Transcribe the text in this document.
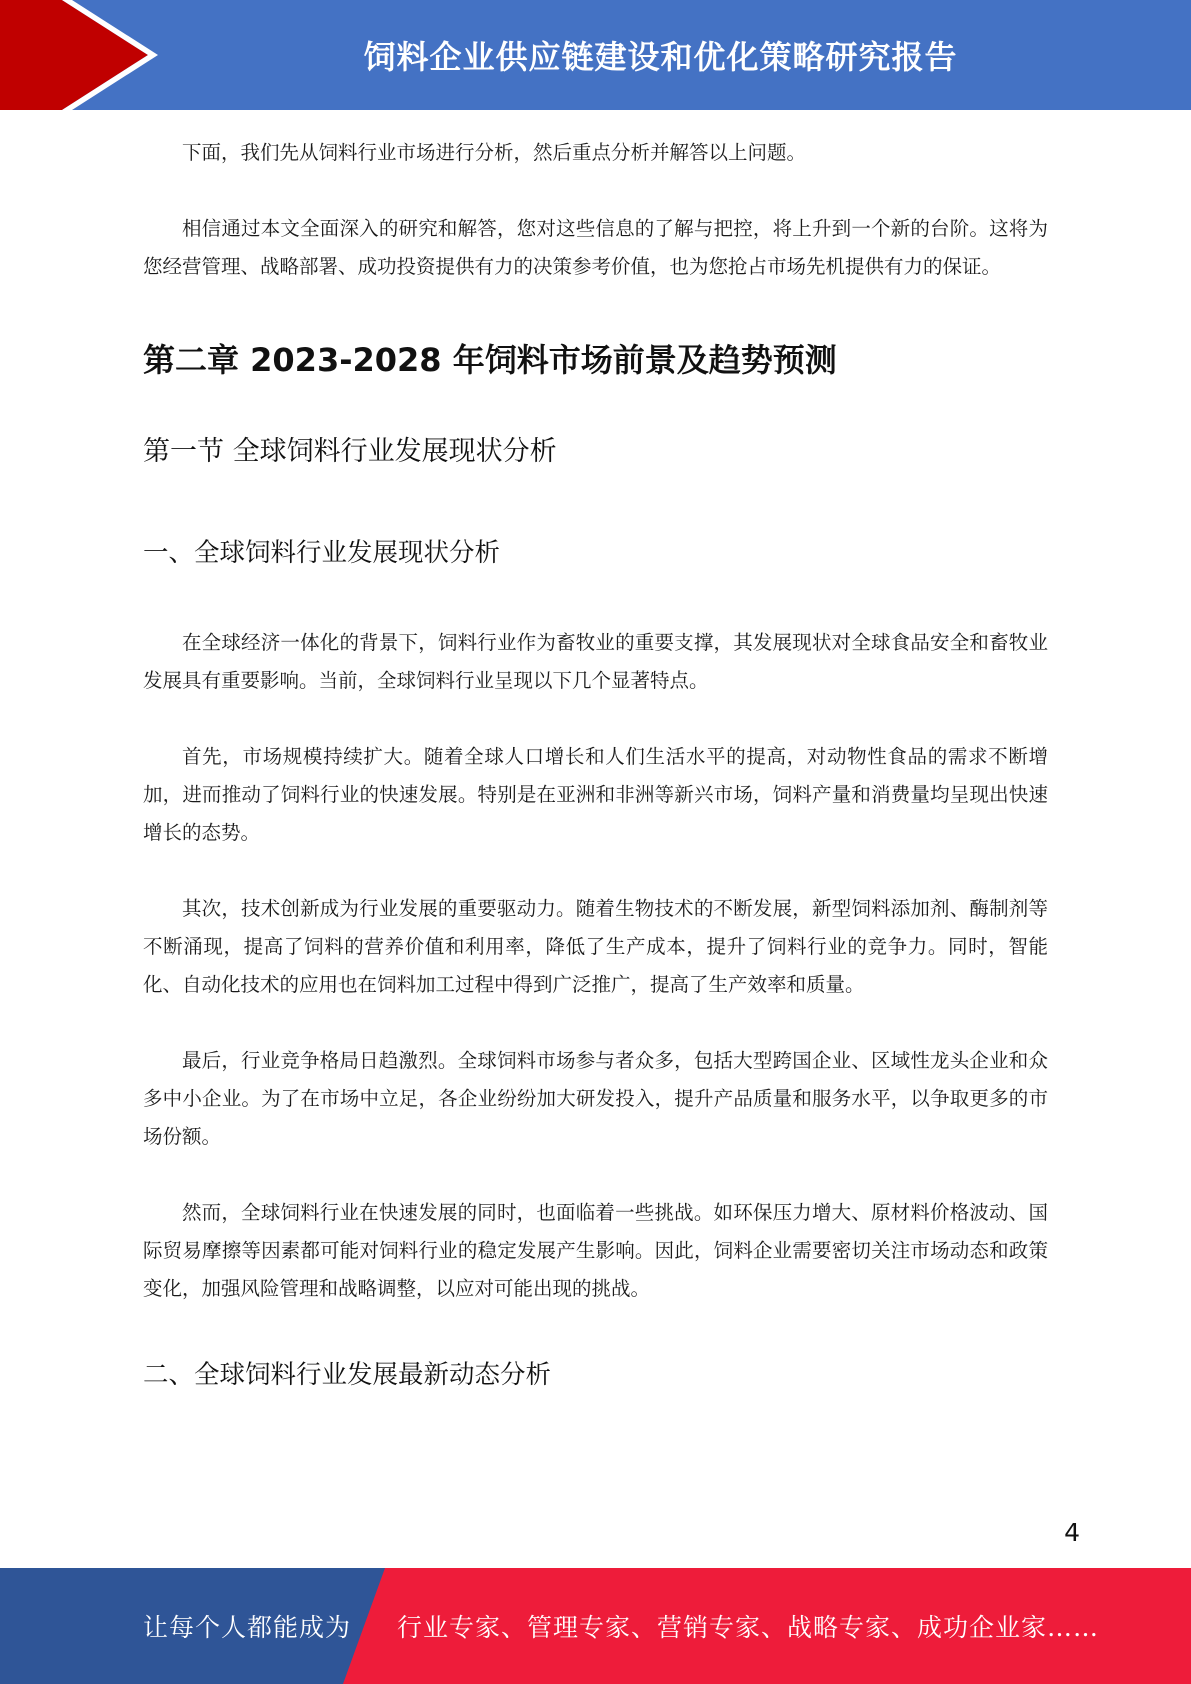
饲料企业供应链建设和优化策略研究报告

下面，我们先从饲料行业市场进行分析，然后重点分析并解答以上问题。

相信通过本文全面深入的研究和解答，您对这些信息的了解与把控，将上升到一个新的台阶。这将为您经营管理、战略部署、成功投资提供有力的决策参考价值，也为您抢占市场先机提供有力的保证。

第二章 2023-2028 年饲料市场前景及趋势预测
第一节 全球饲料行业发展现状分析
一、全球饲料行业发展现状分析

在全球经济一体化的背景下，饲料行业作为畜牧业的重要支撑，其发展现状对全球食品安全和畜牧业发展具有重要影响。当前，全球饲料行业呈现以下几个显著特点。

首先，市场规模持续扩大。随着全球人口增长和人们生活水平的提高，对动物性食品的需求不断增加，进而推动了饲料行业的快速发展。特别是在亚洲和非洲等新兴市场，饲料产量和消费量均呈现出快速增长的态势。

其次，技术创新成为行业发展的重要驱动力。随着生物技术的不断发展，新型饲料添加剂、酶制剂等不断涌现，提高了饲料的营养价值和利用率，降低了生产成本，提升了饲料行业的竞争力。同时，智能化、自动化技术的应用也在饲料加工过程中得到广泛推广，提高了生产效率和质量。

最后，行业竞争格局日趋激烈。全球饲料市场参与者众多，包括大型跨国企业、区域性龙头企业和众多中小企业。为了在市场中立足，各企业纷纷加大研发投入，提升产品质量和服务水平，以争取更多的市场份额。

然而，全球饲料行业在快速发展的同时，也面临着一些挑战。如环保压力增大、原材料价格波动、国际贸易摩擦等因素都可能对饲料行业的稳定发展产生影响。因此，饲料企业需要密切关注市场动态和政策变化，加强风险管理和战略调整，以应对可能出现的挑战。

二、全球饲料行业发展最新动态分析
4
让每个人都能成为 行业专家、管理专家、营销专家、战略专家、成功企业家……
